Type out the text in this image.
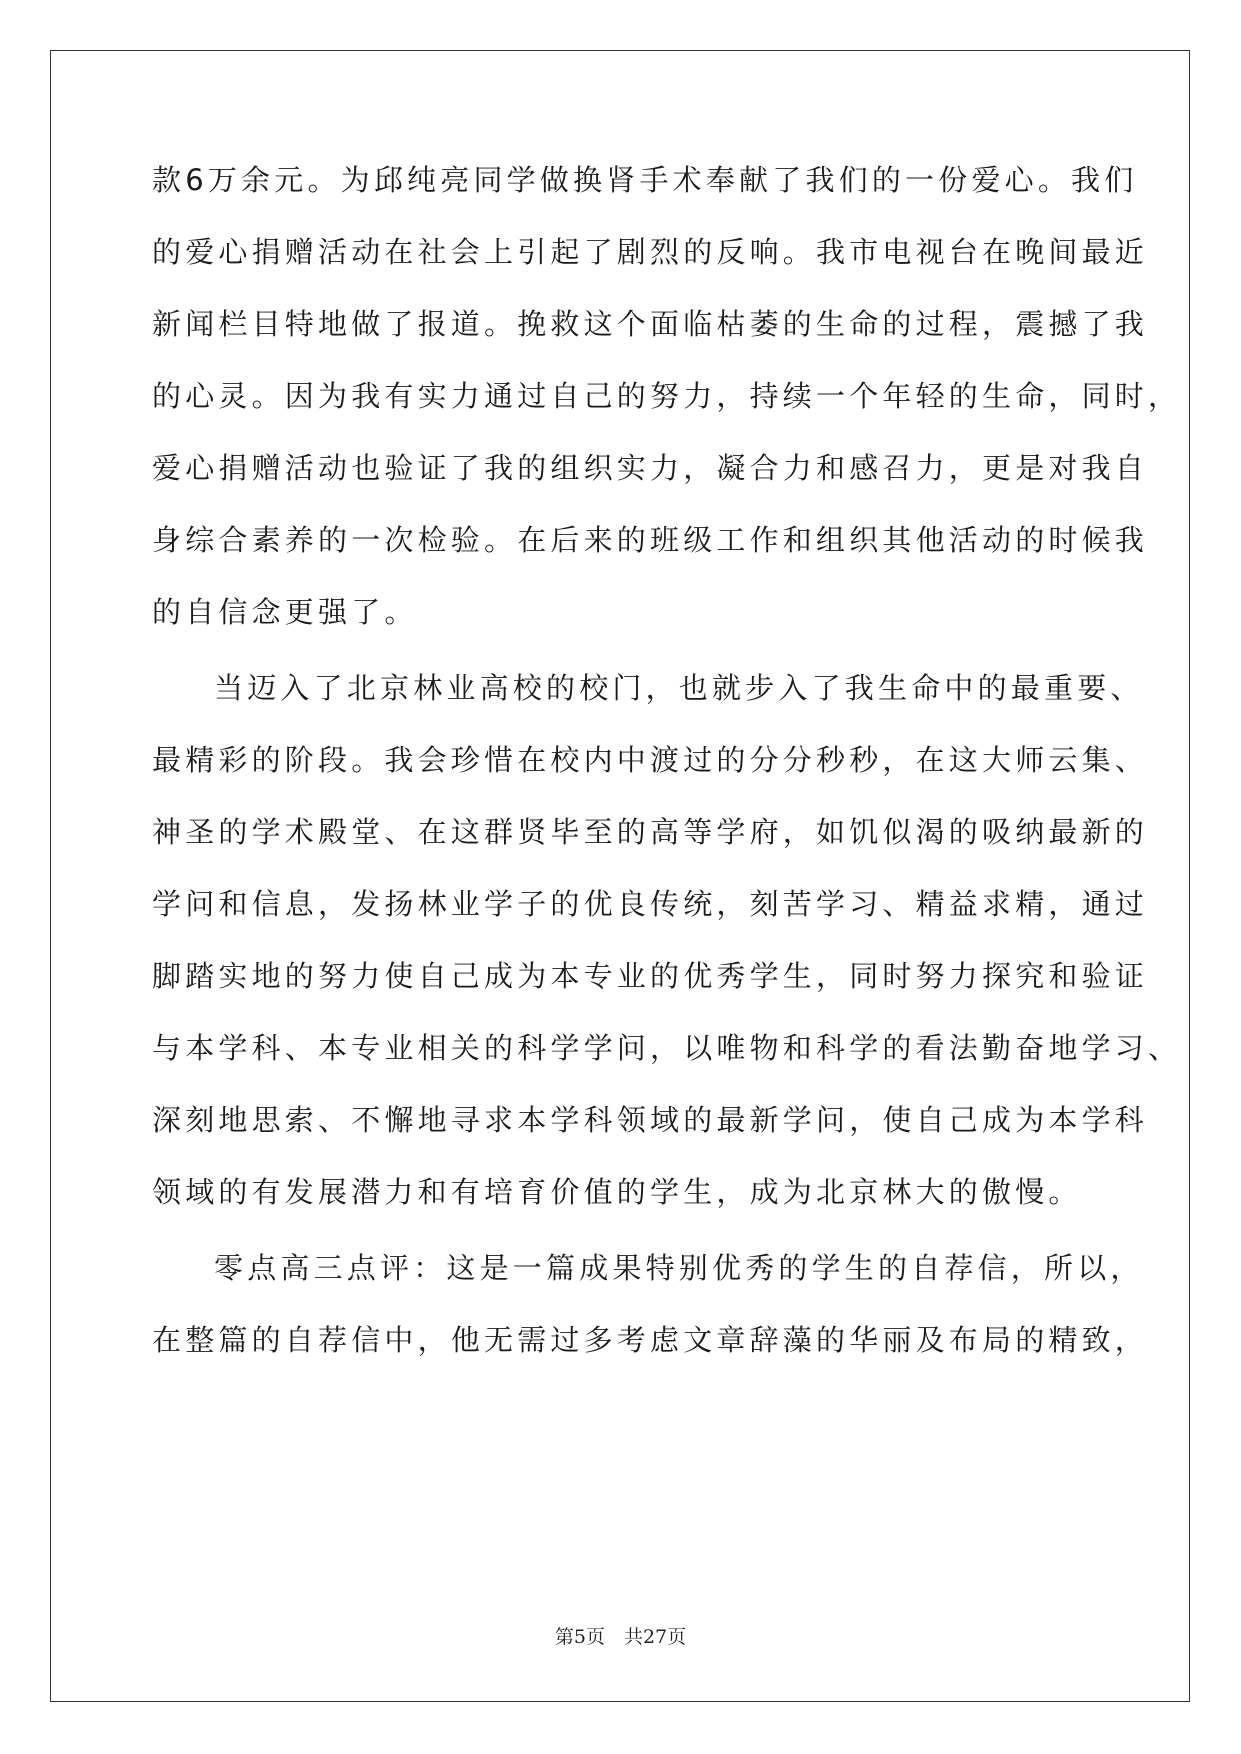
款6万余元。为邱纯亮同学做换肾手术奉献了我们的一份爱心。我们
的爱心捐赠活动在社会上引起了剧烈的反响。我市电视台在晚间最近
新闻栏目特地做了报道。挽救这个面临枯萎的生命的过程，震撼了我
的心灵。因为我有实力通过自己的努力，持续一个年轻的生命，同时，
爱心捐赠活动也验证了我的组织实力，凝合力和感召力，更是对我自
身综合素养的一次检验。在后来的班级工作和组织其他活动的时候我
的自信念更强了。
当迈入了北京林业高校的校门，也就步入了我生命中的最重要、
最精彩的阶段。我会珍惜在校内中渡过的分分秒秒，在这大师云集、
神圣的学术殿堂、在这群贤毕至的高等学府，如饥似渴的吸纳最新的
学问和信息，发扬林业学子的优良传统，刻苦学习、精益求精，通过
脚踏实地的努力使自己成为本专业的优秀学生，同时努力探究和验证
与本学科、本专业相关的科学学问，以唯物和科学的看法勤奋地学习、
深刻地思索、不懈地寻求本学科领域的最新学问，使自己成为本学科
领域的有发展潜力和有培育价值的学生，成为北京林大的傲慢。
零点高三点评：这是一篇成果特别优秀的学生的自荐信，所以，
在整篇的自荐信中，他无需过多考虑文章辞藻的华丽及布局的精致，
第5页　共27页
